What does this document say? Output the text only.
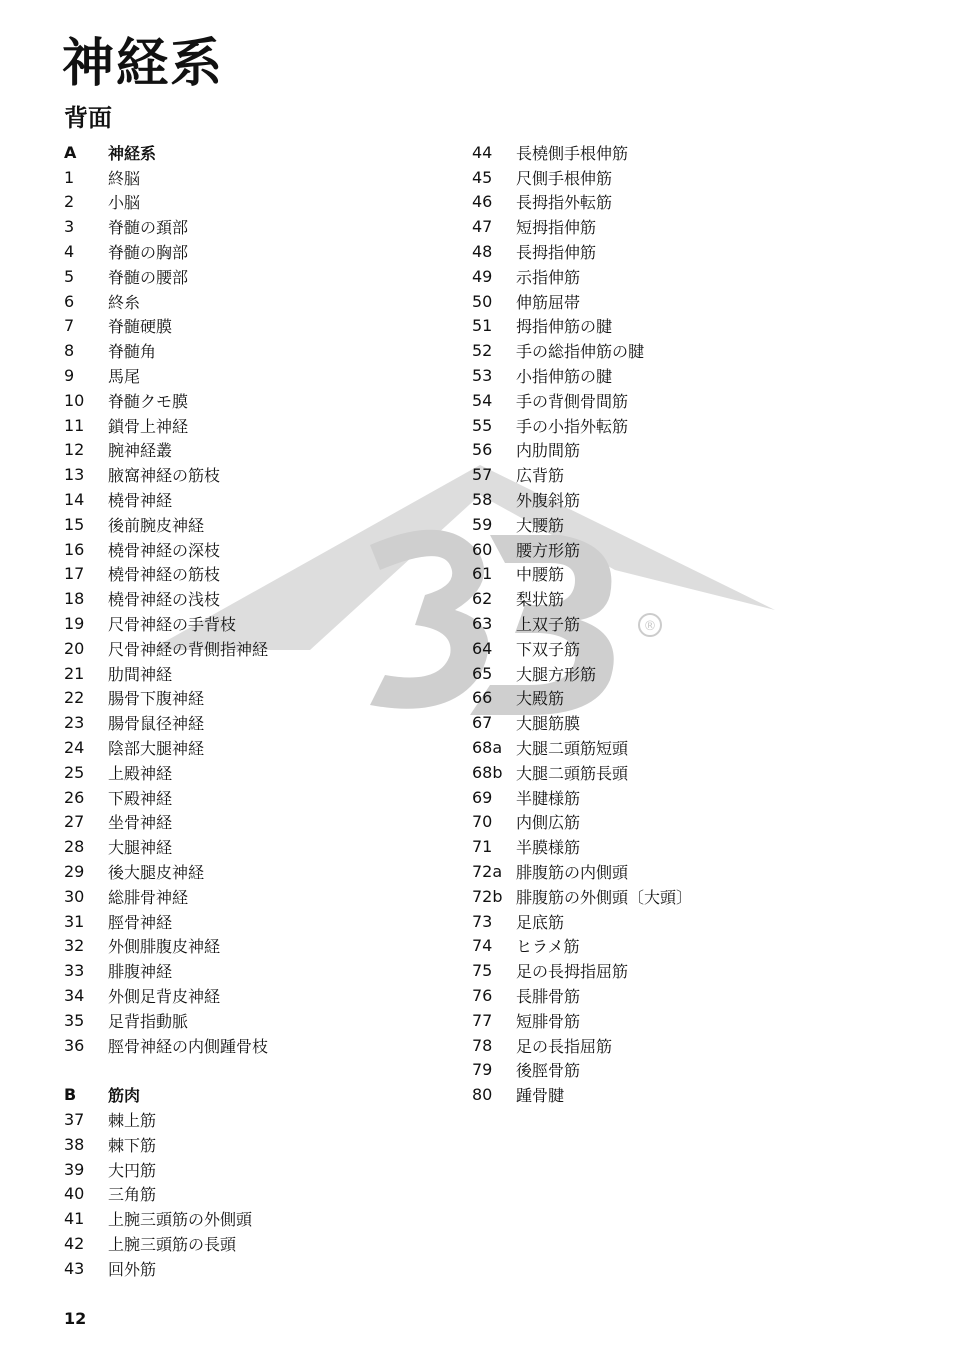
神経系
背面
®
A	神経系
1	終脳
2	小脳
3	脊髄の頚部
4	脊髄の胸部
5	脊髄の腰部
6	終糸
7	脊髄硬膜
8	脊髄角
9	馬尾
10	脊髄クモ膜
11	鎖骨上神経
12	腕神経叢
13	腋窩神経の筋枝
14	橈骨神経
15	後前腕皮神経
16	橈骨神経の深枝
17	橈骨神経の筋枝
18	橈骨神経の浅枝
19	尺骨神経の手背枝
20	尺骨神経の背側指神経
21	肋間神経
22	腸骨下腹神経
23	腸骨鼠径神経
24	陰部大腿神経
25	上殿神経
26	下殿神経
27	坐骨神経
28	大腿神経
29	後大腿皮神経
30	総腓骨神経
31	脛骨神経
32	外側腓腹皮神経
33	腓腹神経
34	外側足背皮神経
35	足背指動脈
36	脛骨神経の内側踵骨枝
B	筋肉
37	棘上筋
38	棘下筋
39	大円筋
40	三角筋
41	上腕三頭筋の外側頭
42	上腕三頭筋の長頭
43	回外筋
44	長橈側手根伸筋
45	尺側手根伸筋
46	長拇指外転筋
47	短拇指伸筋
48	長拇指伸筋
49	示指伸筋
50	伸筋屈帯
51	拇指伸筋の腱
52	手の総指伸筋の腱
53	小指伸筋の腱
54	手の背側骨間筋
55	手の小指外転筋
56	内肋間筋
57	広背筋
58	外腹斜筋
59	大腰筋
60	腰方形筋
61	中腰筋
62	梨状筋
63	上双子筋
64	下双子筋
65	大腿方形筋
66	大殿筋
67	大腿筋膜
68a 大腿二頭筋短頭
68b 大腿二頭筋長頭
69	半腱様筋
70	内側広筋
71	半膜様筋
72a 腓腹筋の内側頭
72b 腓腹筋の外側頭〔大頭〕
73	足底筋
74	ヒラメ筋
75	足の長拇指屈筋
76	長腓骨筋
77	短腓骨筋
78	足の長指屈筋
79	後脛骨筋
80	踵骨腱
12
